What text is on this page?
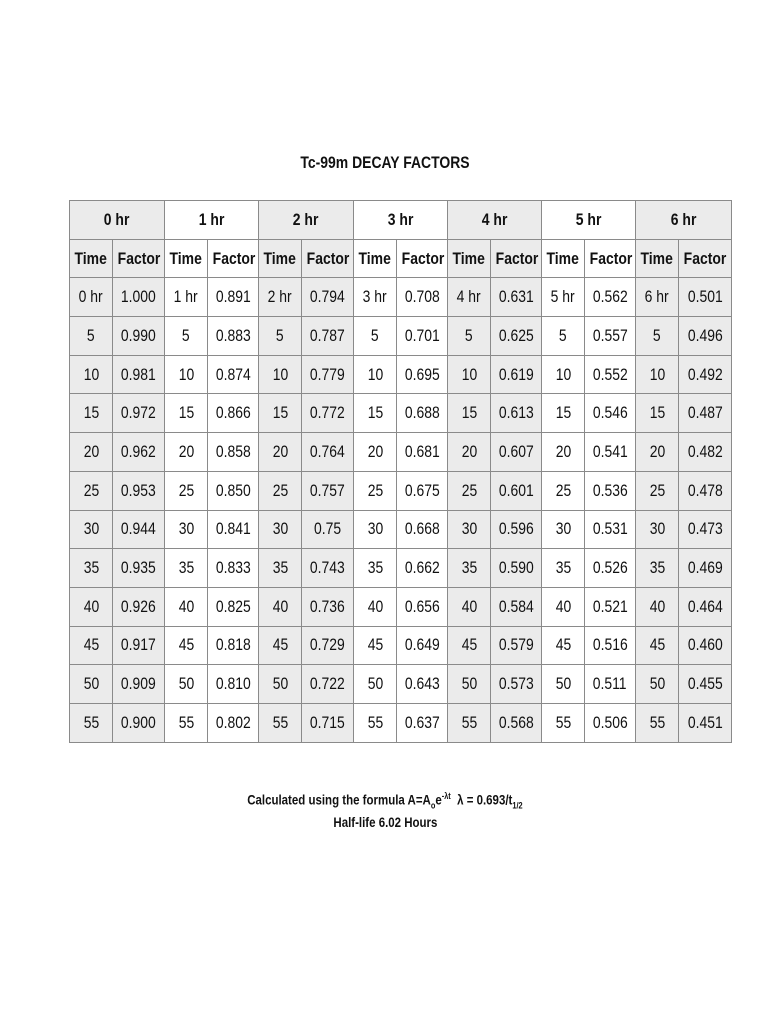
Tc-99m DECAY FACTORS
0 hr		1 hr		2 hr		3 hr		4 hr		5 hr		6 hr	
Time	Factor	Time	Factor	Time	Factor	Time	Factor	Time	Factor	Time	Factor	Time	Factor
0 hr	1.000	1 hr	0.891	2 hr	0.794	3 hr	0.708	4 hr	0.631	5 hr	0.562	6 hr	0.501
5	0.990	5	0.883	5	0.787	5	0.701	5	0.625	5	0.557	5	0.496
10	0.981	10	0.874	10	0.779	10	0.695	10	0.619	10	0.552	10	0.492
15	0.972	15	0.866	15	0.772	15	0.688	15	0.613	15	0.546	15	0.487
20	0.962	20	0.858	20	0.764	20	0.681	20	0.607	20	0.541	20	0.482
25	0.953	25	0.850	25	0.757	25	0.675	25	0.601	25	0.536	25	0.478
30	0.944	30	0.841	30	0.75	30	0.668	30	0.596	30	0.531	30	0.473
35	0.935	35	0.833	35	0.743	35	0.662	35	0.590	35	0.526	35	0.469
40	0.926	40	0.825	40	0.736	40	0.656	40	0.584	40	0.521	40	0.464
45	0.917	45	0.818	45	0.729	45	0.649	45	0.579	45	0.516	45	0.460
50	0.909	50	0.810	50	0.722	50	0.643	50	0.573	50	0.511	50	0.455
55	0.900	55	0.802	55	0.715	55	0.637	55	0.568	55	0.506	55	0.451
Calculated using the formula $A=A_oe^{-\lambda t}$  $\lambda = 0.693/t_{1/2}$
Half-life 6.02 Hours
